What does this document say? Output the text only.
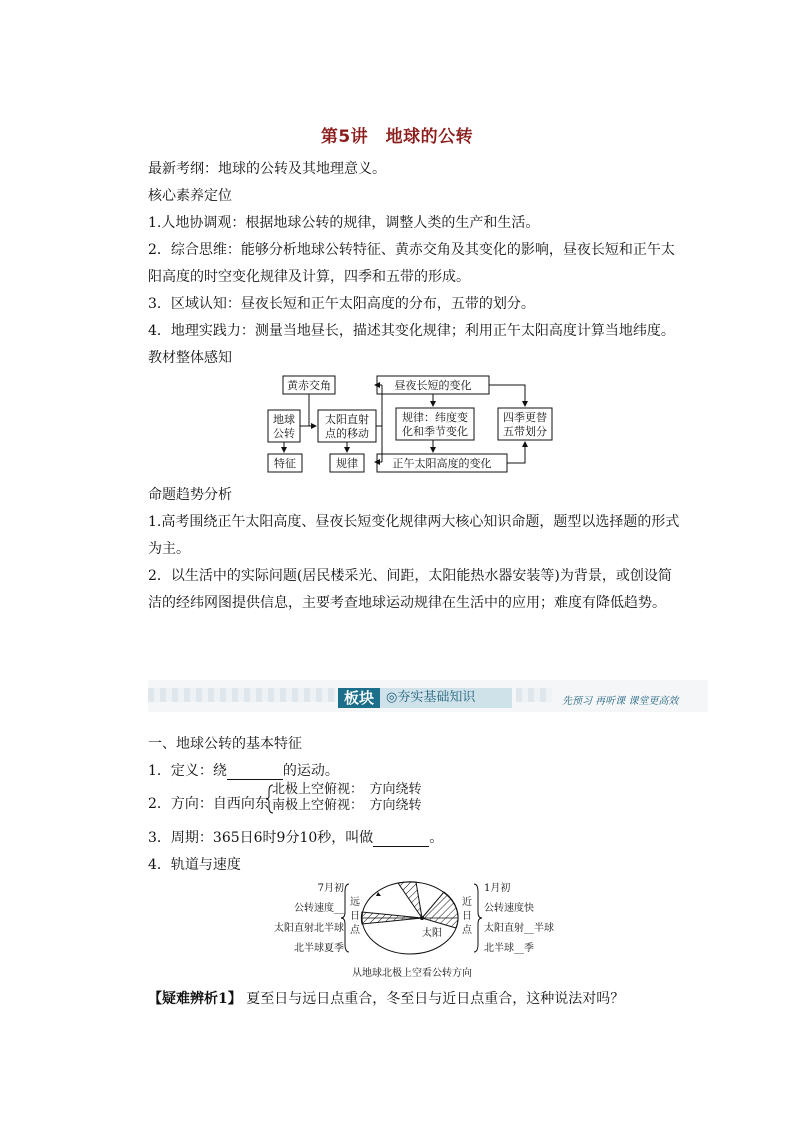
第5讲　地球的公转
最新考纲：地球的公转及其地理意义。
核心素养定位
1.人地协调观：根据地球公转的规律，调整人类的生产和生活。
2．综合思维：能够分析地球公转特征、黄赤交角及其变化的影响，昼夜长短和正午太
阳高度的时空变化规律及计算，四季和五带的形成。
3．区域认知：昼夜长短和正午太阳高度的分布，五带的划分。
4．地理实践力：测量当地昼长，描述其变化规律；利用正午太阳高度计算当地纬度。
教材整体感知
地球
公转
黄赤交角
太阳直射
点的移动
特征	规律
昼夜长短的变化
规律：纬度变
化和季节变化
正午太阳高度的变化
四季更替
五带划分
命题趋势分析
1.高考围绕正午太阳高度、昼夜长短变化规律两大核心知识命题，题型以选择题的形式
为主。
2．以生活中的实际问题(居民楼采光、间距，太阳能热水器安装等)为背景，或创设简
洁的经纬网图提供信息，主要考查地球运动规律在生活中的应用；难度有降低趋势。
板块一
◎夯实基础知识	先预习 再听课 课堂更高效
一、地球公转的基本特征
1．定义：绕	的运动。
2．方向：自西向东
北极上空俯视：　方向绕转
南极上空俯视：　方向绕转
3．周期：365日6时9分10秒，叫做	。
4．轨道与速度
7月初
公转速度__
太阳直射北半球
北半球夏季
远
日
点	太阳
近
日
点
1月初
公转速度快
太阳直射__半球
北半球__季
从地球北极上空看公转方向
【疑难辨析1】 夏至日与远日点重合，冬至日与近日点重合，这种说法对吗？
